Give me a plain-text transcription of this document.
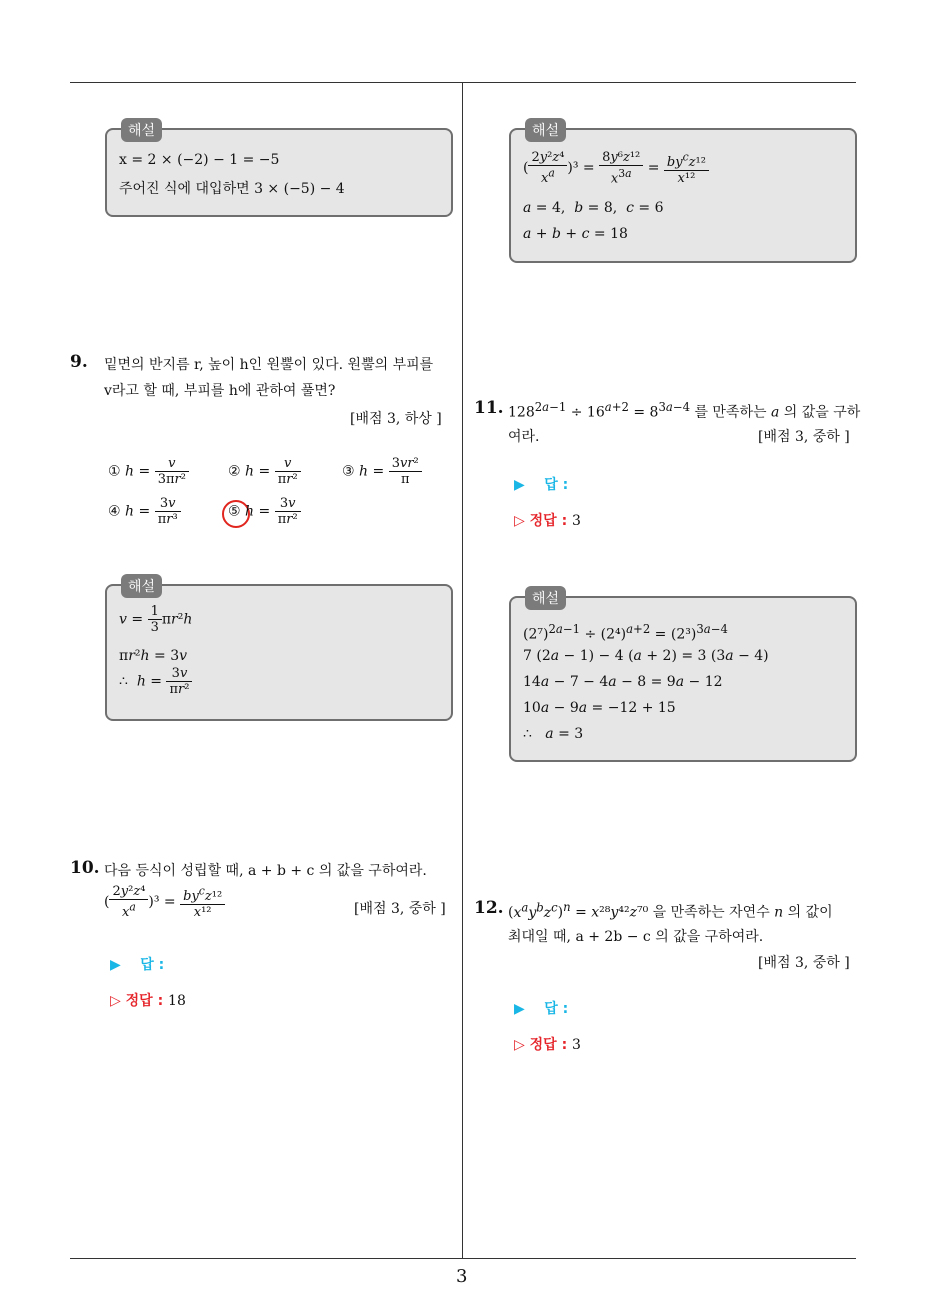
3
해설
x = 2 × (−2) − 1 = −5
주어진 식에 대입하면 3 × (−5) − 4
9. 밑면의 반지름 r, 높이 h인 원뿔이 있다. 원뿔의 부피를
v라고 할 때, 부피를 h에 관하여 풀면?
[배점 3, 하상 ]
① $h = \frac{v}{\text{3πr²}}$	② $h = \frac{v}{\text{πr²}}$	③ $h = \frac{\text{3vr²}}{\pi}$
④ $h = \frac{3v}{\text{πr³}}$	⑤ $h = \frac{3v}{\text{πr²}}$
해설
$v = \frac{1}{3} \pi r^2h$
πr²h = 3v
∴  $h = \frac{3v}{\text{πr²}}$
10. 다음 등식이 성립할 때, a + b + c 의 값을 구하여라.
( $\frac{\text{2y²z⁴}}{x^a} )^3 = \frac{by^cz^{12}}{\text{x¹²}}$	[배점 3, 중하 ]
▶    답 :
▷ 정답 : 18
해설
( $\frac{\text{2y²z⁴}}{x^a} )^3 = \frac{\text{8y⁶z¹²}}{x^{3a}} = \frac{by^cz^{12}}{\text{x¹²}}$
a = 4,  b = 8,  c = 6
a + b + c = 18
11. $128^{2a-1} \div 16^{a+2} = 8^{3a-4}$ 를 만족하는 a 의 값을 구하
여라.	[배점 3, 중하 ]
▶    답 :
▷ 정답 : 3
해설
$(2^7)^{2a-1} \div (2^4)^{a+2} = (2^3)^{3a-4}$
7 (2a − 1) − 4 (a + 2) = 3 (3a − 4)
14a − 7 − 4a − 8 = 9a − 12
10a − 9a = −12 + 15
∴   a = 3
12. $(x^ay^bz^c)^n = x^{28}y^{42}z^{70}$ 을 만족하는 자연수 n 의 값이
최대일 때, a + 2b − c 의 값을 구하여라.
[배점 3, 중하 ]
▶    답 :
▷ 정답 : 3
